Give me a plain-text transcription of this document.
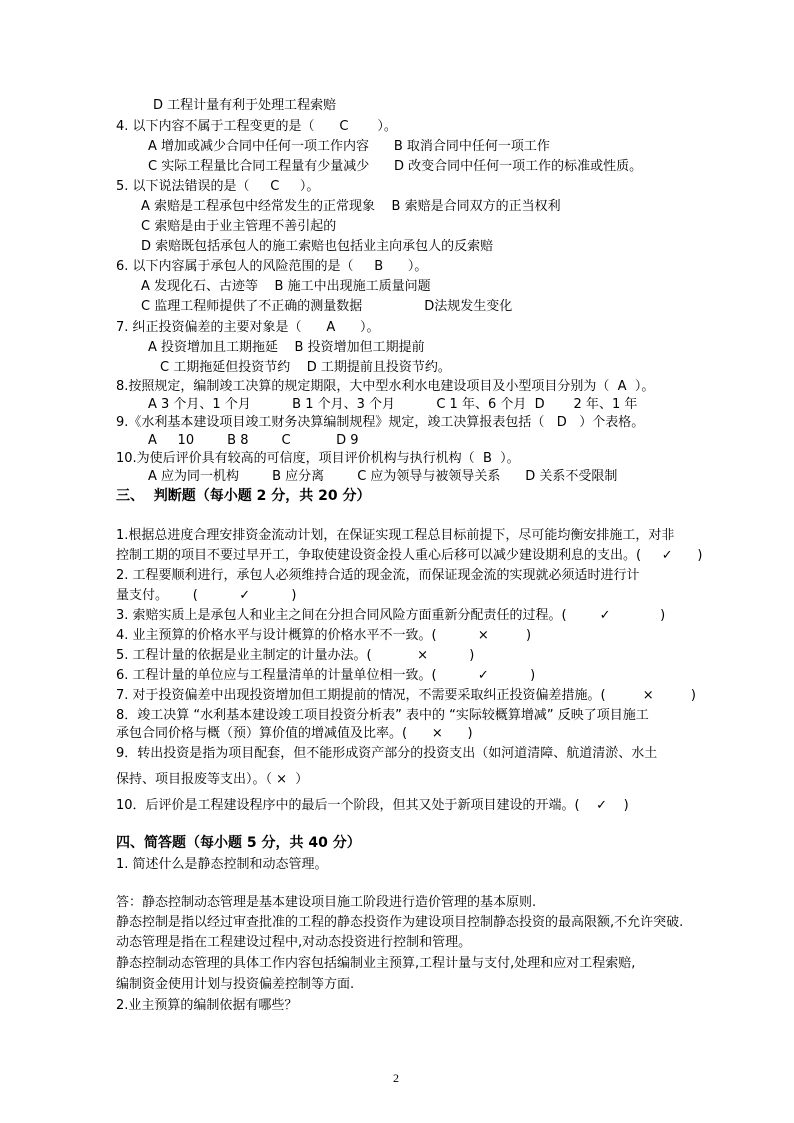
D 工程计量有利于处理工程索赔
4. 以下内容不属于工程变更的是（      C       ）。
A 增加或减少合同中任何一项工作内容      B 取消合同中任何一项工作
C 实际工程量比合同工程量有少量减少      D 改变合同中任何一项工作的标准或性质。
5. 以下说法错误的是（     C     ）。
A 索赔是工程承包中经常发生的正常现象    B 索赔是合同双方的正当权利
C 索赔是由于业主管理不善引起的
D 索赔既包括承包人的施工索赔也包括业主向承包人的反索赔
6. 以下内容属于承包人的风险范围的是（     B      ）。
A 发现化石、古迹等    B 施工中出现施工质量问题
C 监理工程师提供了不正确的测量数据               D法规发生变化
7. 纠正投资偏差的主要对象是（      A      ）。
A 投资增加且工期拖延    B 投资增加但工期提前
C 工期拖延但投资节约    D 工期提前且投资节约。
8.按照规定，编制竣工决算的规定期限，大中型水利水电建设项目及小型项目分别为（  A  ）。
A 3 个月、1 个月          B 1 个月、3 个月          C 1 年、6 个月  D       2 年、1 年
9.《水利基本建设项目竣工财务决算编制规程》规定，竣工决算报表包括（   D   ）个表格。
A     10        B 8        C           D 9
10.为使后评价具有较高的可信度，项目评价机构与执行机构（  B  ）。
A 应为同一机构        B 应分离        C 应为领导与被领导关系      D 关系不受限制
三、  判断题（每小题 2 分，共 20 分）
1.根据总进度合理安排资金流动计划，在保证实现工程总目标前提下，尽可能均衡安排施工，对非
控制工期的项目不要过早开工，争取使建设资金投人重心后移可以减少建设期利息的支出。(     ✓      )
2. 工程要顺利进行，承包人必须维持合适的现金流，而保证现金流的实现就必须适时进行计
量支付。      (          ✓          )
3. 索赔实质上是承包人和业主之间在分担合同风险方面重新分配责任的过程。(        ✓            )
4. 业主预算的价格水平与设计概算的价格水平不一致。(          ×         )
5. 工程计量的依据是业主制定的计量办法。(           ×          )
6. 工程计量的单位应与工程量清单的计量单位相一致。(          ✓          )
7. 对于投资偏差中出现投资增加但工期提前的情况，不需要采取纠正投资偏差措施。(         ×         )
8．竣工决算 “水利基本建设竣工项目投资分析表” 表中的 “实际较概算增减” 反映了项目施工
承包合同价格与概（预）算价值的增减值及比率。(      ×      )
9．转出投资是指为项目配套，但不能形成资产部分的投资支出（如河道清障、航道清淤、水土
保持、项目报废等支出）。（ ×  ）
10．后评价是工程建设程序中的最后一个阶段，但其又处于新项目建设的开端。(    ✓    )
四、简答题（每小题 5 分，共 40 分）
1. 简述什么是静态控制和动态管理。
答：静态控制动态管理是基本建设项目施工阶段进行造价管理的基本原则.
静态控制是指以经过审查批准的工程的静态投资作为建设项目控制静态投资的最高限额,不允许突破.
动态管理是指在工程建设过程中,对动态投资进行控制和管理。
静态控制动态管理的具体工作内容包括编制业主预算,工程计量与支付,处理和应对工程索赔,
编制资金使用计划与投资偏差控制等方面.
2.业主预算的编制依据有哪些？
2
